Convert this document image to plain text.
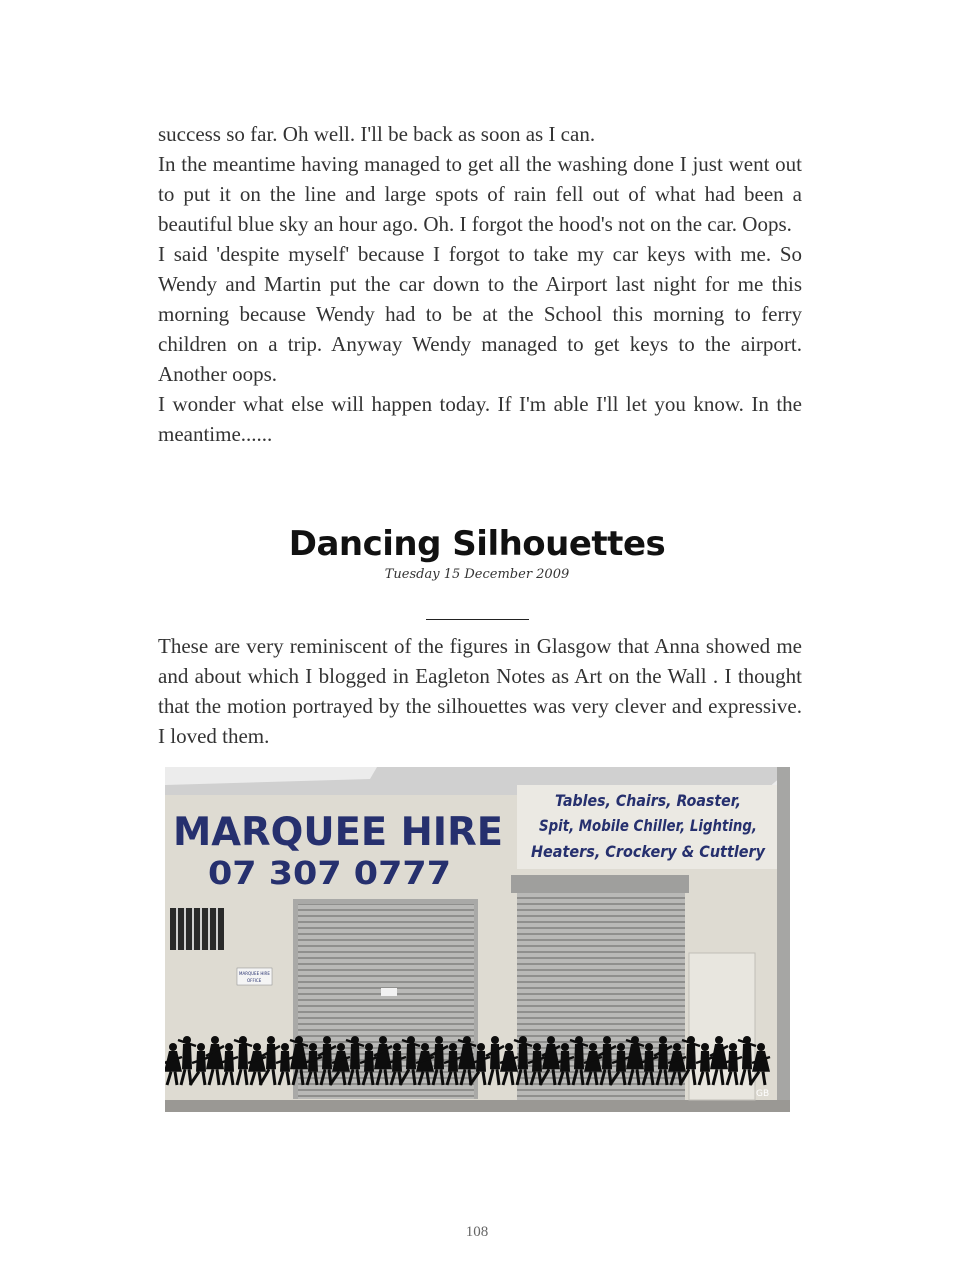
success so far. Oh well. I'll be back as soon as I can.

In the meantime having managed to get all the washing done I just went out to put it on the line and large spots of rain fell out of what had been a beautiful blue sky an hour ago. Oh. I forgot the hood's not on the car. Oops.

I said 'despite myself' because I forgot to take my car keys with me. So Wendy and Martin put the car down to the Airport last night for me this morning because Wendy had to be at the School this morning to ferry children on a trip. Anyway Wendy managed to get keys to the airport. Another oops.

I wonder what else will happen today. If I'm able I'll let you know. In the meantime......

Dancing Silhouettes
Tuesday 15 December 2009

These are very reminiscent of the figures in Glasgow that Anna showed me and about which I blogged in Eagleton Notes as Art on the Wall . I thought that the motion portrayed by the silhouettes was very clever and expressive. I loved them.

MARQUEE HIRE
07 307 0777
Tables, Chairs, Roaster,
Spit, Mobile Chiller, Lighting,
Heaters, Crockery & Cuttlery
MARQUEE HIRE
OFFICE
GB
108
